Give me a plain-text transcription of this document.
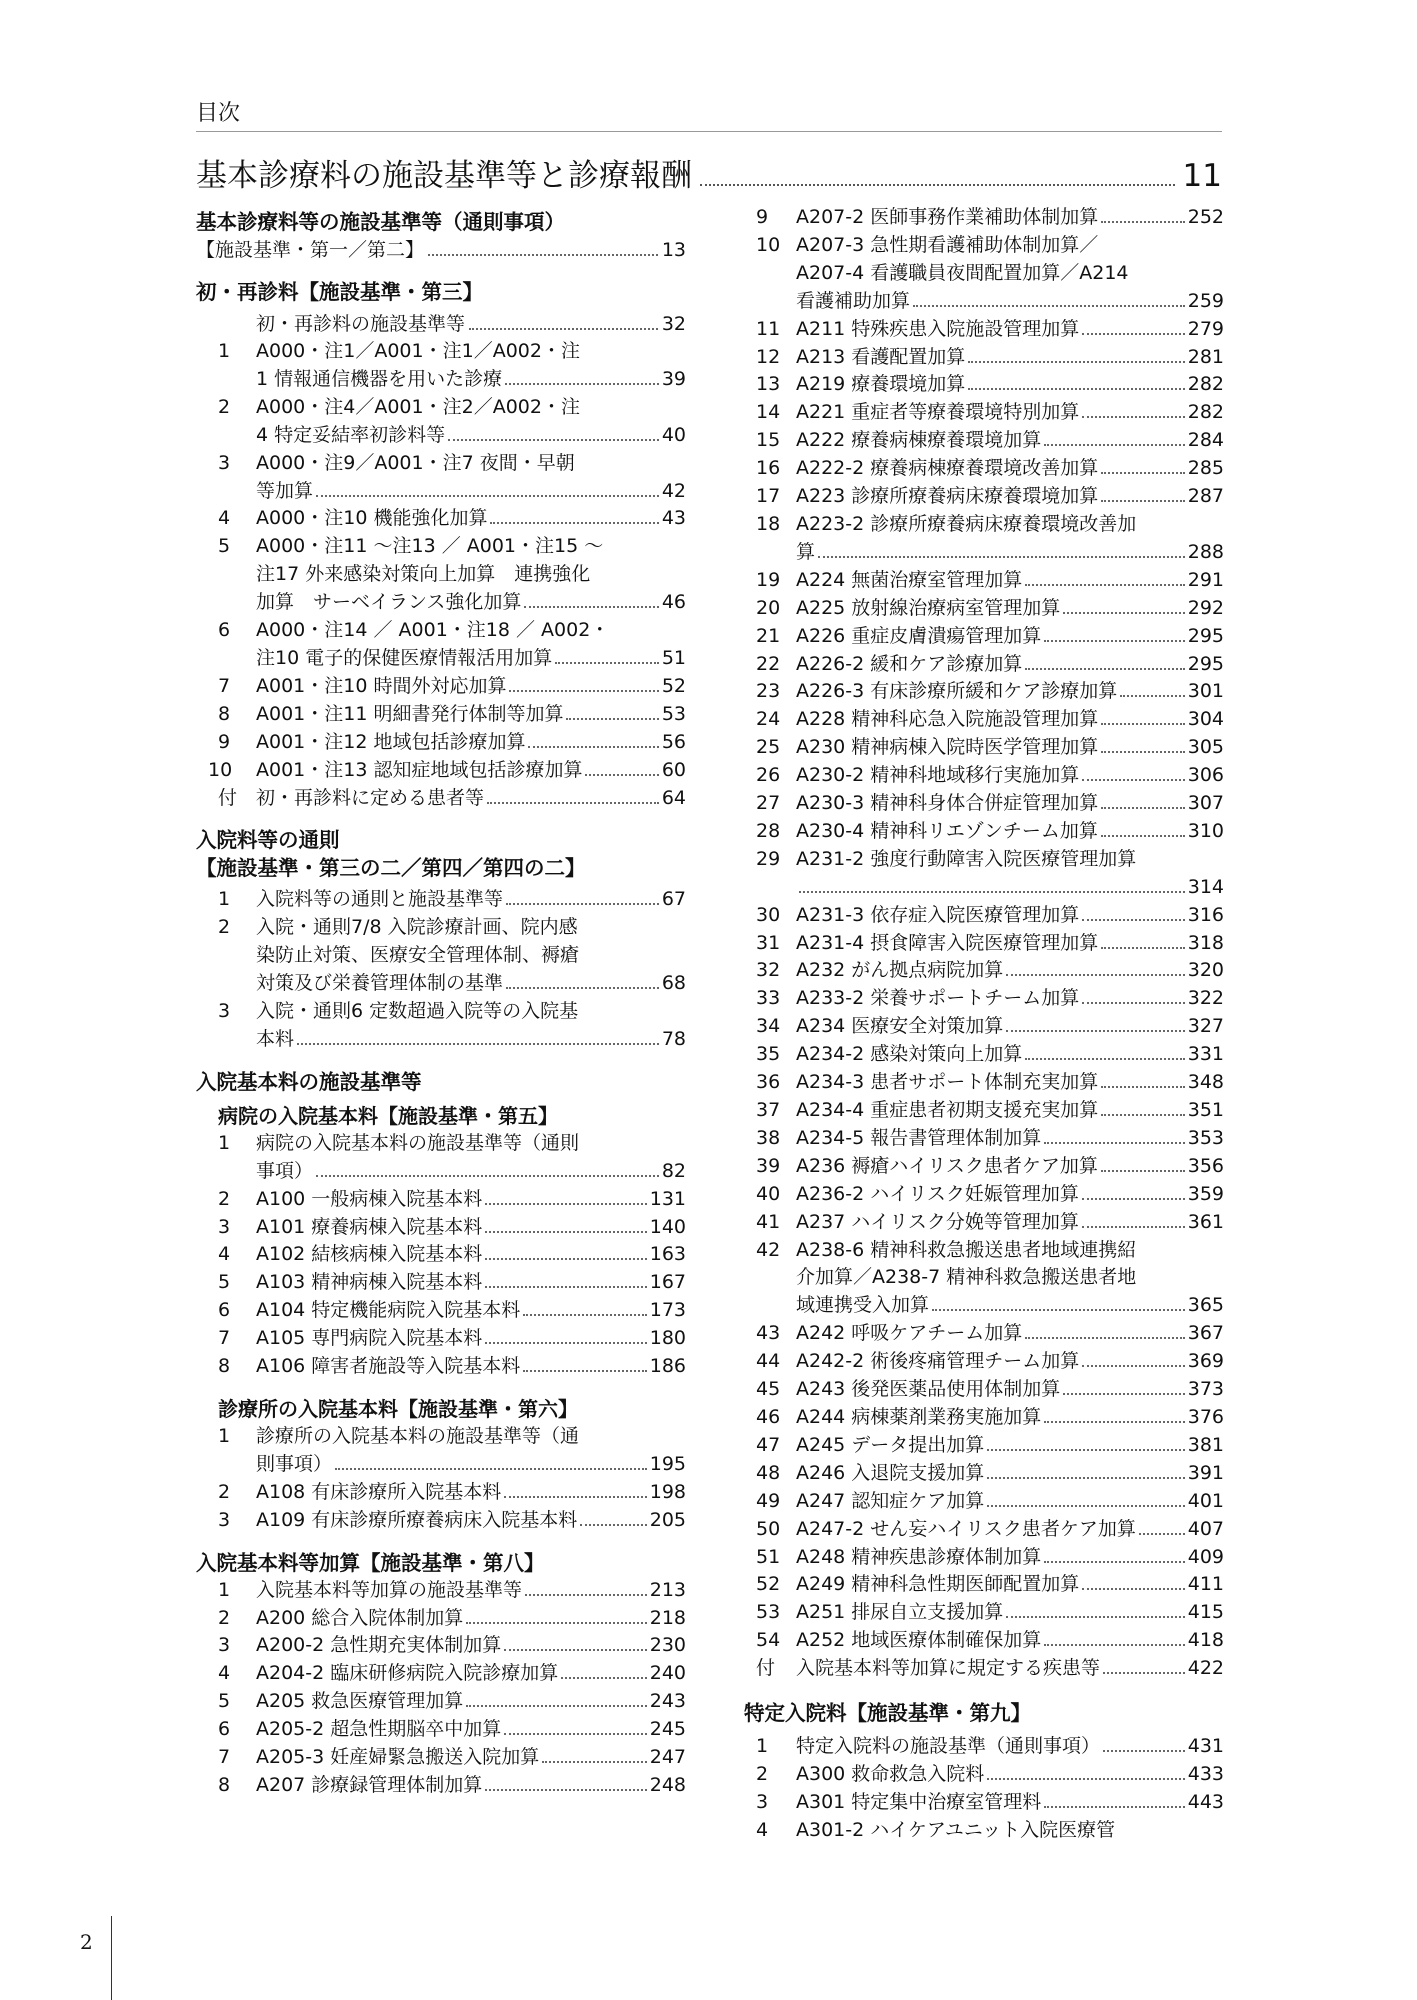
目次
基本診療料の施設基準等と診療報酬	11
基本診療料等の施設基準等（通則事項）
【施設基準・第一／第二】	13
初・再診料【施設基準・第三】
初・再診料の施設基準等	32
1	A000・注1／A001・注1／A002・注
1 情報通信機器を用いた診療	39
2	A000・注4／A001・注2／A002・注
4 特定妥結率初診料等	40
3	A000・注9／A001・注7 夜間・早朝
等加算	42
4	A000・注10 機能強化加算	43
5	A000・注11 〜注13 ／ A001・注15 〜
注17 外来感染対策向上加算　連携強化
加算　サーベイランス強化加算	46
6	A000・注14 ／ A001・注18 ／ A002・
注10 電子的保健医療情報活用加算	51
7	A001・注10 時間外対応加算	52
8	A001・注11 明細書発行体制等加算	53
9	A001・注12 地域包括診療加算	56
10	A001・注13 認知症地域包括診療加算	60
付 初・再診料に定める患者等	64
入院料等の通則
【施設基準・第三の二／第四／第四の二】
1	入院料等の通則と施設基準等	67
2	入院・通則7/8 入院診療計画、院内感
染防止対策、医療安全管理体制、褥瘡
対策及び栄養管理体制の基準	68
3	入院・通則6 定数超過入院等の入院基
本料	78
入院基本料の施設基準等
病院の入院基本料【施設基準・第五】
1	病院の入院基本料の施設基準等（通則
事項）	82
2	A100 一般病棟入院基本料	131
3	A101 療養病棟入院基本料	140
4	A102 結核病棟入院基本料	163
5	A103 精神病棟入院基本料	167
6	A104 特定機能病院入院基本料	173
7	A105 専門病院入院基本料	180
8	A106 障害者施設等入院基本料	186
診療所の入院基本料【施設基準・第六】
1	診療所の入院基本料の施設基準等（通
則事項）	195
2	A108 有床診療所入院基本料	198
3	A109 有床診療所療養病床入院基本料	205
入院基本料等加算【施設基準・第八】
1	入院基本料等加算の施設基準等	213
2	A200 総合入院体制加算	218
3	A200-2 急性期充実体制加算	230
4	A204-2 臨床研修病院入院診療加算	240
5	A205 救急医療管理加算	243
6	A205-2 超急性期脳卒中加算	245
7	A205-3 妊産婦緊急搬送入院加算	247
8	A207 診療録管理体制加算	248
9	A207-2 医師事務作業補助体制加算	252
10 A207-3 急性期看護補助体制加算／
A207-4 看護職員夜間配置加算／A214
看護補助加算	259
11 A211 特殊疾患入院施設管理加算	279
12 A213 看護配置加算	281
13 A219 療養環境加算	282
14 A221 重症者等療養環境特別加算	282
15 A222 療養病棟療養環境加算	284
16 A222-2 療養病棟療養環境改善加算	285
17 A223 診療所療養病床療養環境加算	287
18 A223-2 診療所療養病床療養環境改善加
算	288
19 A224 無菌治療室管理加算	291
20 A225 放射線治療病室管理加算	292
21 A226 重症皮膚潰瘍管理加算	295
22 A226-2 緩和ケア診療加算	295
23 A226-3 有床診療所緩和ケア診療加算	301
24 A228 精神科応急入院施設管理加算	304
25 A230 精神病棟入院時医学管理加算	305
26 A230-2 精神科地域移行実施加算	306
27 A230-3 精神科身体合併症管理加算	307
28 A230-4 精神科リエゾンチーム加算	310
29 A231-2 強度行動障害入院医療管理加算
314
30 A231-3 依存症入院医療管理加算	316
31 A231-4 摂食障害入院医療管理加算	318
32 A232 がん拠点病院加算	320
33 A233-2 栄養サポートチーム加算	322
34 A234 医療安全対策加算	327
35 A234-2 感染対策向上加算	331
36 A234-3 患者サポート体制充実加算	348
37 A234-4 重症患者初期支援充実加算	351
38 A234-5 報告書管理体制加算	353
39 A236 褥瘡ハイリスク患者ケア加算	356
40 A236-2 ハイリスク妊娠管理加算	359
41 A237 ハイリスク分娩等管理加算	361
42 A238-6 精神科救急搬送患者地域連携紹
介加算／A238-7 精神科救急搬送患者地
域連携受入加算	365
43 A242 呼吸ケアチーム加算	367
44 A242-2 術後疼痛管理チーム加算	369
45 A243 後発医薬品使用体制加算	373
46 A244 病棟薬剤業務実施加算	376
47 A245 データ提出加算	381
48 A246 入退院支援加算	391
49 A247 認知症ケア加算	401
50 A247-2 せん妄ハイリスク患者ケア加算	407
51 A248 精神疾患診療体制加算	409
52 A249 精神科急性期医師配置加算	411
53 A251 排尿自立支援加算	415
54 A252 地域医療体制確保加算	418
付	入院基本料等加算に規定する疾患等	422
特定入院料【施設基準・第九】
1	特定入院料の施設基準（通則事項）	431
2	A300 救命救急入院料	433
3	A301 特定集中治療室管理料	443
4	A301-2 ハイケアユニット入院医療管
2
